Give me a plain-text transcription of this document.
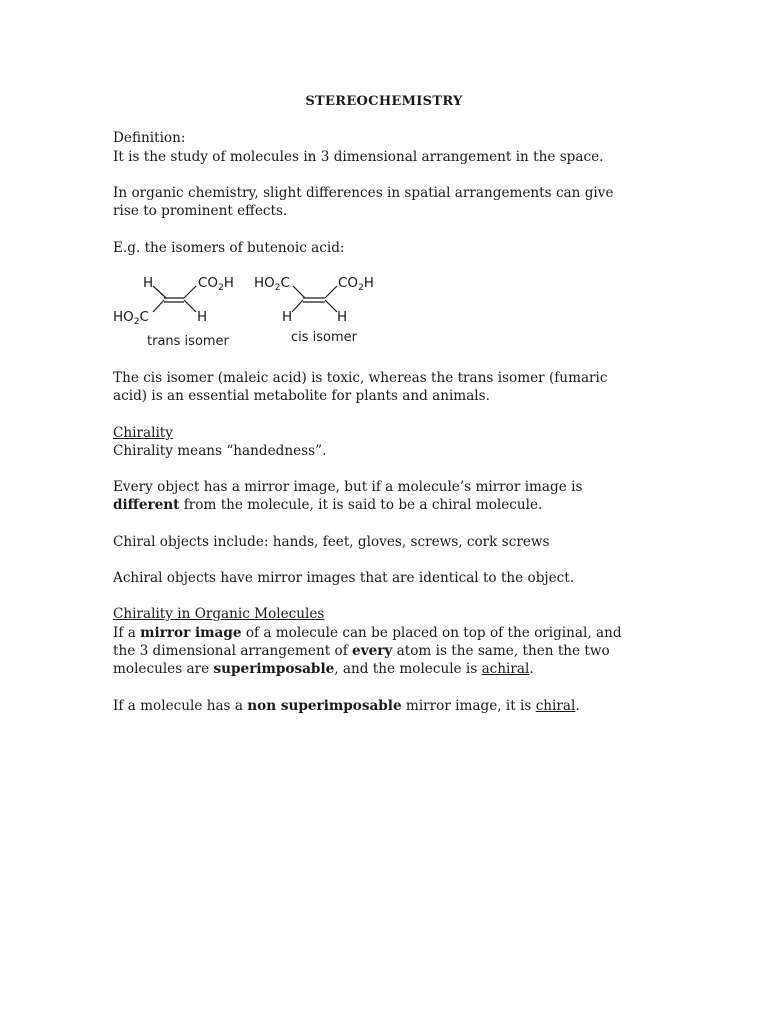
STEREOCHEMISTRY
Definition:
It is the study of molecules in 3 dimensional arrangement in the space.
In organic chemistry, slight differences in spatial arrangements can give
rise to prominent effects.
E.g. the isomers of butenoic acid:
H	$CO_2H$
$HO_2C$	H
trans isomer
$HO_2C$	$CO_2H$
H	H
cis isomer
The cis isomer (maleic acid) is toxic, whereas the trans isomer (fumaric
acid) is an essential metabolite for plants and animals.
Chirality
Chirality means “handedness”.
Every object has a mirror image, but if a molecule’s mirror image is
different from the molecule, it is said to be a chiral molecule.
Chiral objects include: hands, feet, gloves, screws, cork screws
Achiral objects have mirror images that are identical to the object.
Chirality in Organic Molecules
If a mirror image of a molecule can be placed on top of the original, and
the 3 dimensional arrangement of every atom is the same, then the two
molecules are superimposable, and the molecule is achiral.
If a molecule has a non superimposable mirror image, it is chiral.
